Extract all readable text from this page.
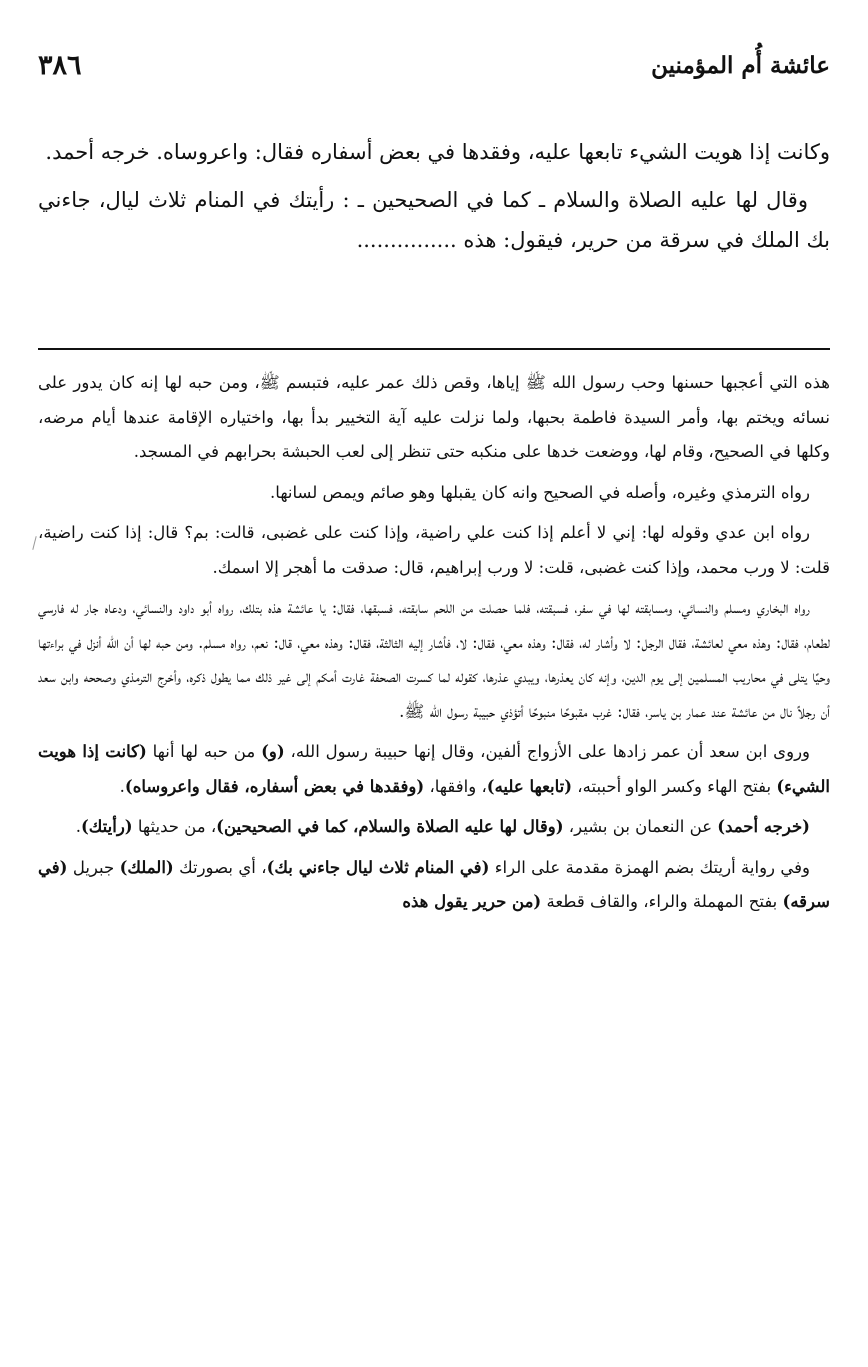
٣٨٦	عائشة أُم المؤمنين

وكانت إذا هويت الشيء تابعها عليه، وفقدها في بعض أسفاره فقال: واعروساه. خرجه أحمد.

وقال لها عليه الصلاة والسلام ـ كما في الصحيحين ـ : رأيتك في المنام ثلاث ليال، جاءني بك الملك في سرقة من حرير، فيقول: هذه ...............

هذه التي أعجبها حسنها وحب رسول الله ﷺ إياها، وقص ذلك عمر عليه، فتبسم ﷺ، ومن حبه لها إنه كان يدور على نسائه ويختم بها، وأمر السيدة فاطمة بحبها، ولما نزلت عليه آية التخيير بدأ بها، واختياره الإقامة عندها أيام مرضه، وكلها في الصحيح، وقام لها، ووضعت خدها على منكبه حتى تنظر إلى لعب الحبشة بحرابهم في المسجد.

رواه الترمذي وغيره، وأصله في الصحيح وانه كان يقبلها وهو صائم ويمص لسانها.

رواه ابن عدي وقوله لها: إني لا أعلم إذا كنت علي راضية، وإذا كنت على غضبى، قالت: بم؟ قال: إذا كنت راضية، قلت: لا ورب محمد، وإذا كنت غضبى، قلت: لا ورب إبراهيم، قال: صدقت ما أهجر إلا اسمك.

رواه البخاري ومسلم والنسائي، ومسابقته لها في سفر، فسبقته، فلما حصلت من اللحم سابقته، فسبقها، فقال: يا عائشة هذه بتلك، رواه أبو داود والنسائي، ودعاه جار له فارسي لطعام، فقال: وهذه معي لعائشة، فقال الرجل: لا وأشار له، فقال: وهذه معي، فقال: لا، فأشار إليه الثالثة، فقال: وهذه معي، قال: نعم، رواه مسلم. ومن حبه لها أن الله أنزل في براءتها وحيًا يتلى في محاريب المسلمين إلى يوم الدين، وإنه كان يعذرها، ويبدي عذرها، كقوله لما كسرت الصحفة غارت أمكم إلى غير ذلك مما يطول ذكره، وأخرج الترمذي وصححه وابن سعد أن رجلاً نال من عائشة عند عمار بن ياسر، فقال: غرب مقبوحًا منبوحًا أتؤذي حبيبة رسول الله ﷺ.

وروى ابن سعد أن عمر زادها على الأزواج ألفين، وقال إنها حبيبة رسول الله، (و) من حبه لها أنها (كانت إذا هويت الشيء) بفتح الهاء وكسر الواو أحببته، (تابعها عليه)، وافقها، (وفقدها في بعض أسفاره، فقال واعروساه).

(خرجه أحمد) عن النعمان بن بشير، (وقال لها عليه الصلاة والسلام، كما في الصحيحين)، من حديثها (رأيتك).

وفي رواية أريتك بضم الهمزة مقدمة على الراء (في المنام ثلاث ليال جاءني بك)، أي بصورتك (الملك) جبريل (في سرقه) بفتح المهملة والراء، والقاف قطعة (من حرير يقول هذه
